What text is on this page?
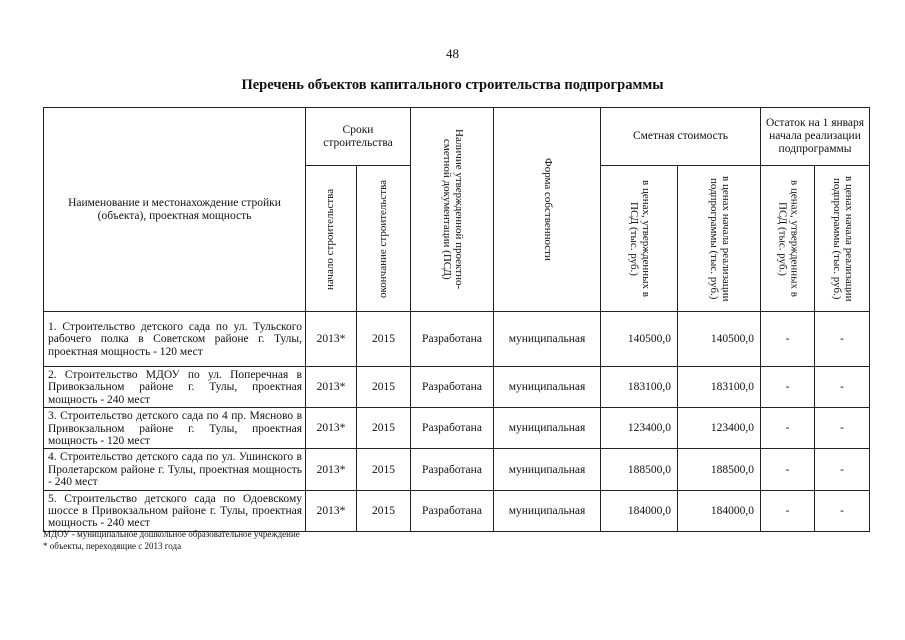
48
Перечень объектов капитального строительства подпрограммы
Наименование и местонахождение стройки (объекта), проектная мощность	Сроки строительства		Наличие утвержденной проектно-сметной документации (ПСД)	Форма собственности	Сметная стоимость		Остаток на 1 января начала реализации подпрограммы	

	начало строительства	окончание строительства			в ценах, утвержденных в ПСД (тыс. руб.)	в ценах начала реализации подпрограммы (тыс. руб.)	в ценах, утвержденных в ПСД (тыс. руб.)	в ценах начала реализации подпрограммы (тыс. руб.)

1. Строительство детского сада по ул. Тульского рабочего полка в Советском районе г. Тулы, проектная мощность - 120 мест	2013*	2015	Разработана	муниципальная	140500,0	140500,0	-	-
2. Строительство МДОУ по ул. Поперечная в Привокзальном районе г. Тулы, проектная мощность - 240 мест	2013*	2015	Разработана	муниципальная	183100,0	183100,0	-	-
3. Строительство детского сада по 4 пр. Мясново в Привокзальном районе г. Тулы, проектная мощность - 120 мест	2013*	2015	Разработана	муниципальная	123400,0	123400,0	-	-
4. Строительство детского сада по ул. Ушинского в Пролетарском районе г. Тулы, проектная мощность - 240 мест	2013*	2015	Разработана	муниципальная	188500,0	188500,0	-	-
5. Строительство детского сада по Одоевскому шоссе в Привокзальном районе г. Тулы, проектная мощность - 240 мест	2013*	2015	Разработана	муниципальная	184000,0	184000,0	-	-
МДОУ - муниципальное дошкольное образовательное учреждение
* объекты, переходящие с 2013 года
